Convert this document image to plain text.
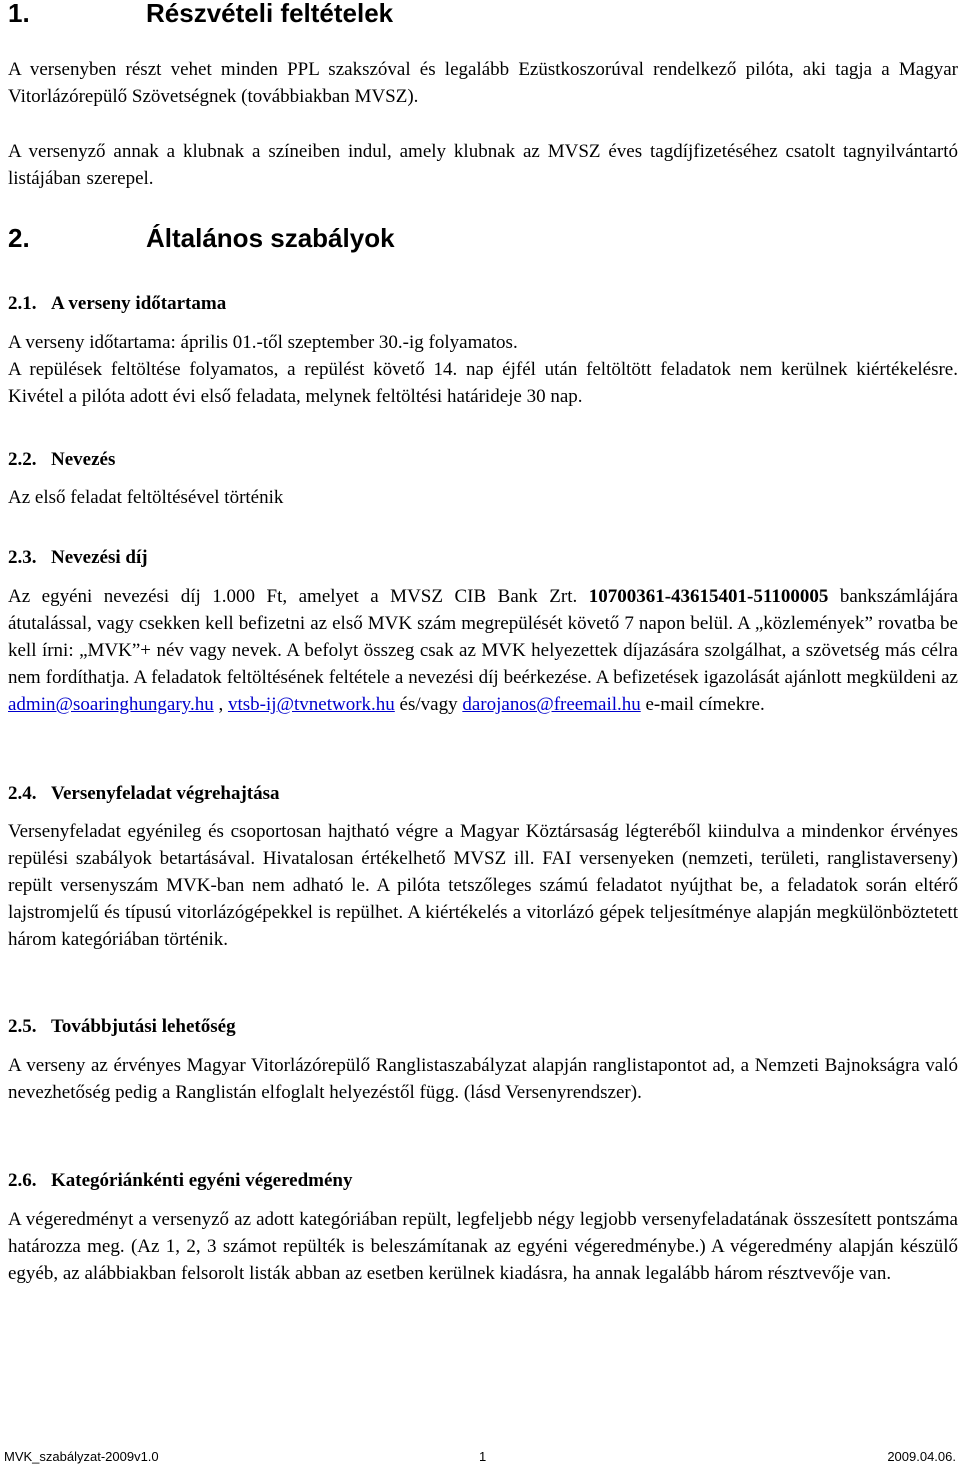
1.	Részvételi feltételek

A versenyben részt vehet minden PPL szakszóval és legalább Ezüstkoszorúval rendelkező pilóta, aki tagja a Magyar Vitorlázórepülő Szövetségnek (továbbiakban MVSZ).

A versenyző annak a klubnak a színeiben indul, amely klubnak az MVSZ éves tagdíjfizetéséhez csatolt tagnyilvántartó listájában szerepel.

2.	Általános szabályok
2.1. A verseny időtartama

A verseny időtartama: április 01.-től szeptember 30.-ig folyamatos.

A repülések feltöltése folyamatos, a repülést követő 14. nap éjfél után feltöltött feladatok nem kerülnek kiértékelésre. Kivétel a pilóta adott évi első feladata, melynek feltöltési határideje 30 nap.

2.2. Nevezés

Az első feladat feltöltésével történik

2.3. Nevezési díj

Az egyéni nevezési díj 1.000 Ft, amelyet a MVSZ CIB Bank Zrt. 10700361-43615401-51100005 bankszámlájára átutalással, vagy csekken kell befizetni az első MVK szám megrepülését követő 7 napon belül. A „közlemények” rovatba be kell írni: „MVK”+ név vagy nevek. A befolyt összeg csak az MVK helyezettek díjazására szolgálhat, a szövetség más célra nem fordíthatja. A feladatok feltöltésének feltétele a nevezési díj beérkezése. A befizetések igazolását ajánlott megküldeni az admin@soaringhungary.hu , vtsb-ij@tvnetwork.hu és/vagy darojanos@freemail.hu e-mail címekre.

2.4. Versenyfeladat végrehajtása

Versenyfeladat egyénileg és csoportosan hajtható végre a Magyar Köztársaság légteréből kiindulva a mindenkor érvényes repülési szabályok betartásával. Hivatalosan értékelhető MVSZ ill. FAI versenyeken (nemzeti, területi, ranglistaverseny) repült versenyszám MVK-ban nem adható le. A pilóta tetszőleges számú feladatot nyújthat be, a feladatok során eltérő lajstromjelű és típusú vitorlázógépekkel is repülhet. A kiértékelés a vitorlázó gépek teljesítménye alapján megkülönböztetett három kategóriában történik.

2.5. Továbbjutási lehetőség

A verseny az érvényes Magyar Vitorlázórepülő Ranglistaszabályzat alapján ranglistapontot ad, a Nemzeti Bajnokságra való nevezhetőség pedig a Ranglistán elfoglalt helyezéstől függ. (lásd Versenyrendszer).

2.6. Kategóriánkénti egyéni végeredmény

A végeredményt a versenyző az adott kategóriában repült, legfeljebb négy legjobb versenyfeladatának összesített pontszáma határozza meg. (Az 1, 2, 3 számot repülték is beleszámítanak az egyéni végeredménybe.) A végeredmény alapján készülő egyéb, az alábbiakban felsorolt listák abban az esetben kerülnek kiadásra, ha annak legalább három résztvevője van.

MVK_szabályzat-2009v1.0	1	2009.04.06.
